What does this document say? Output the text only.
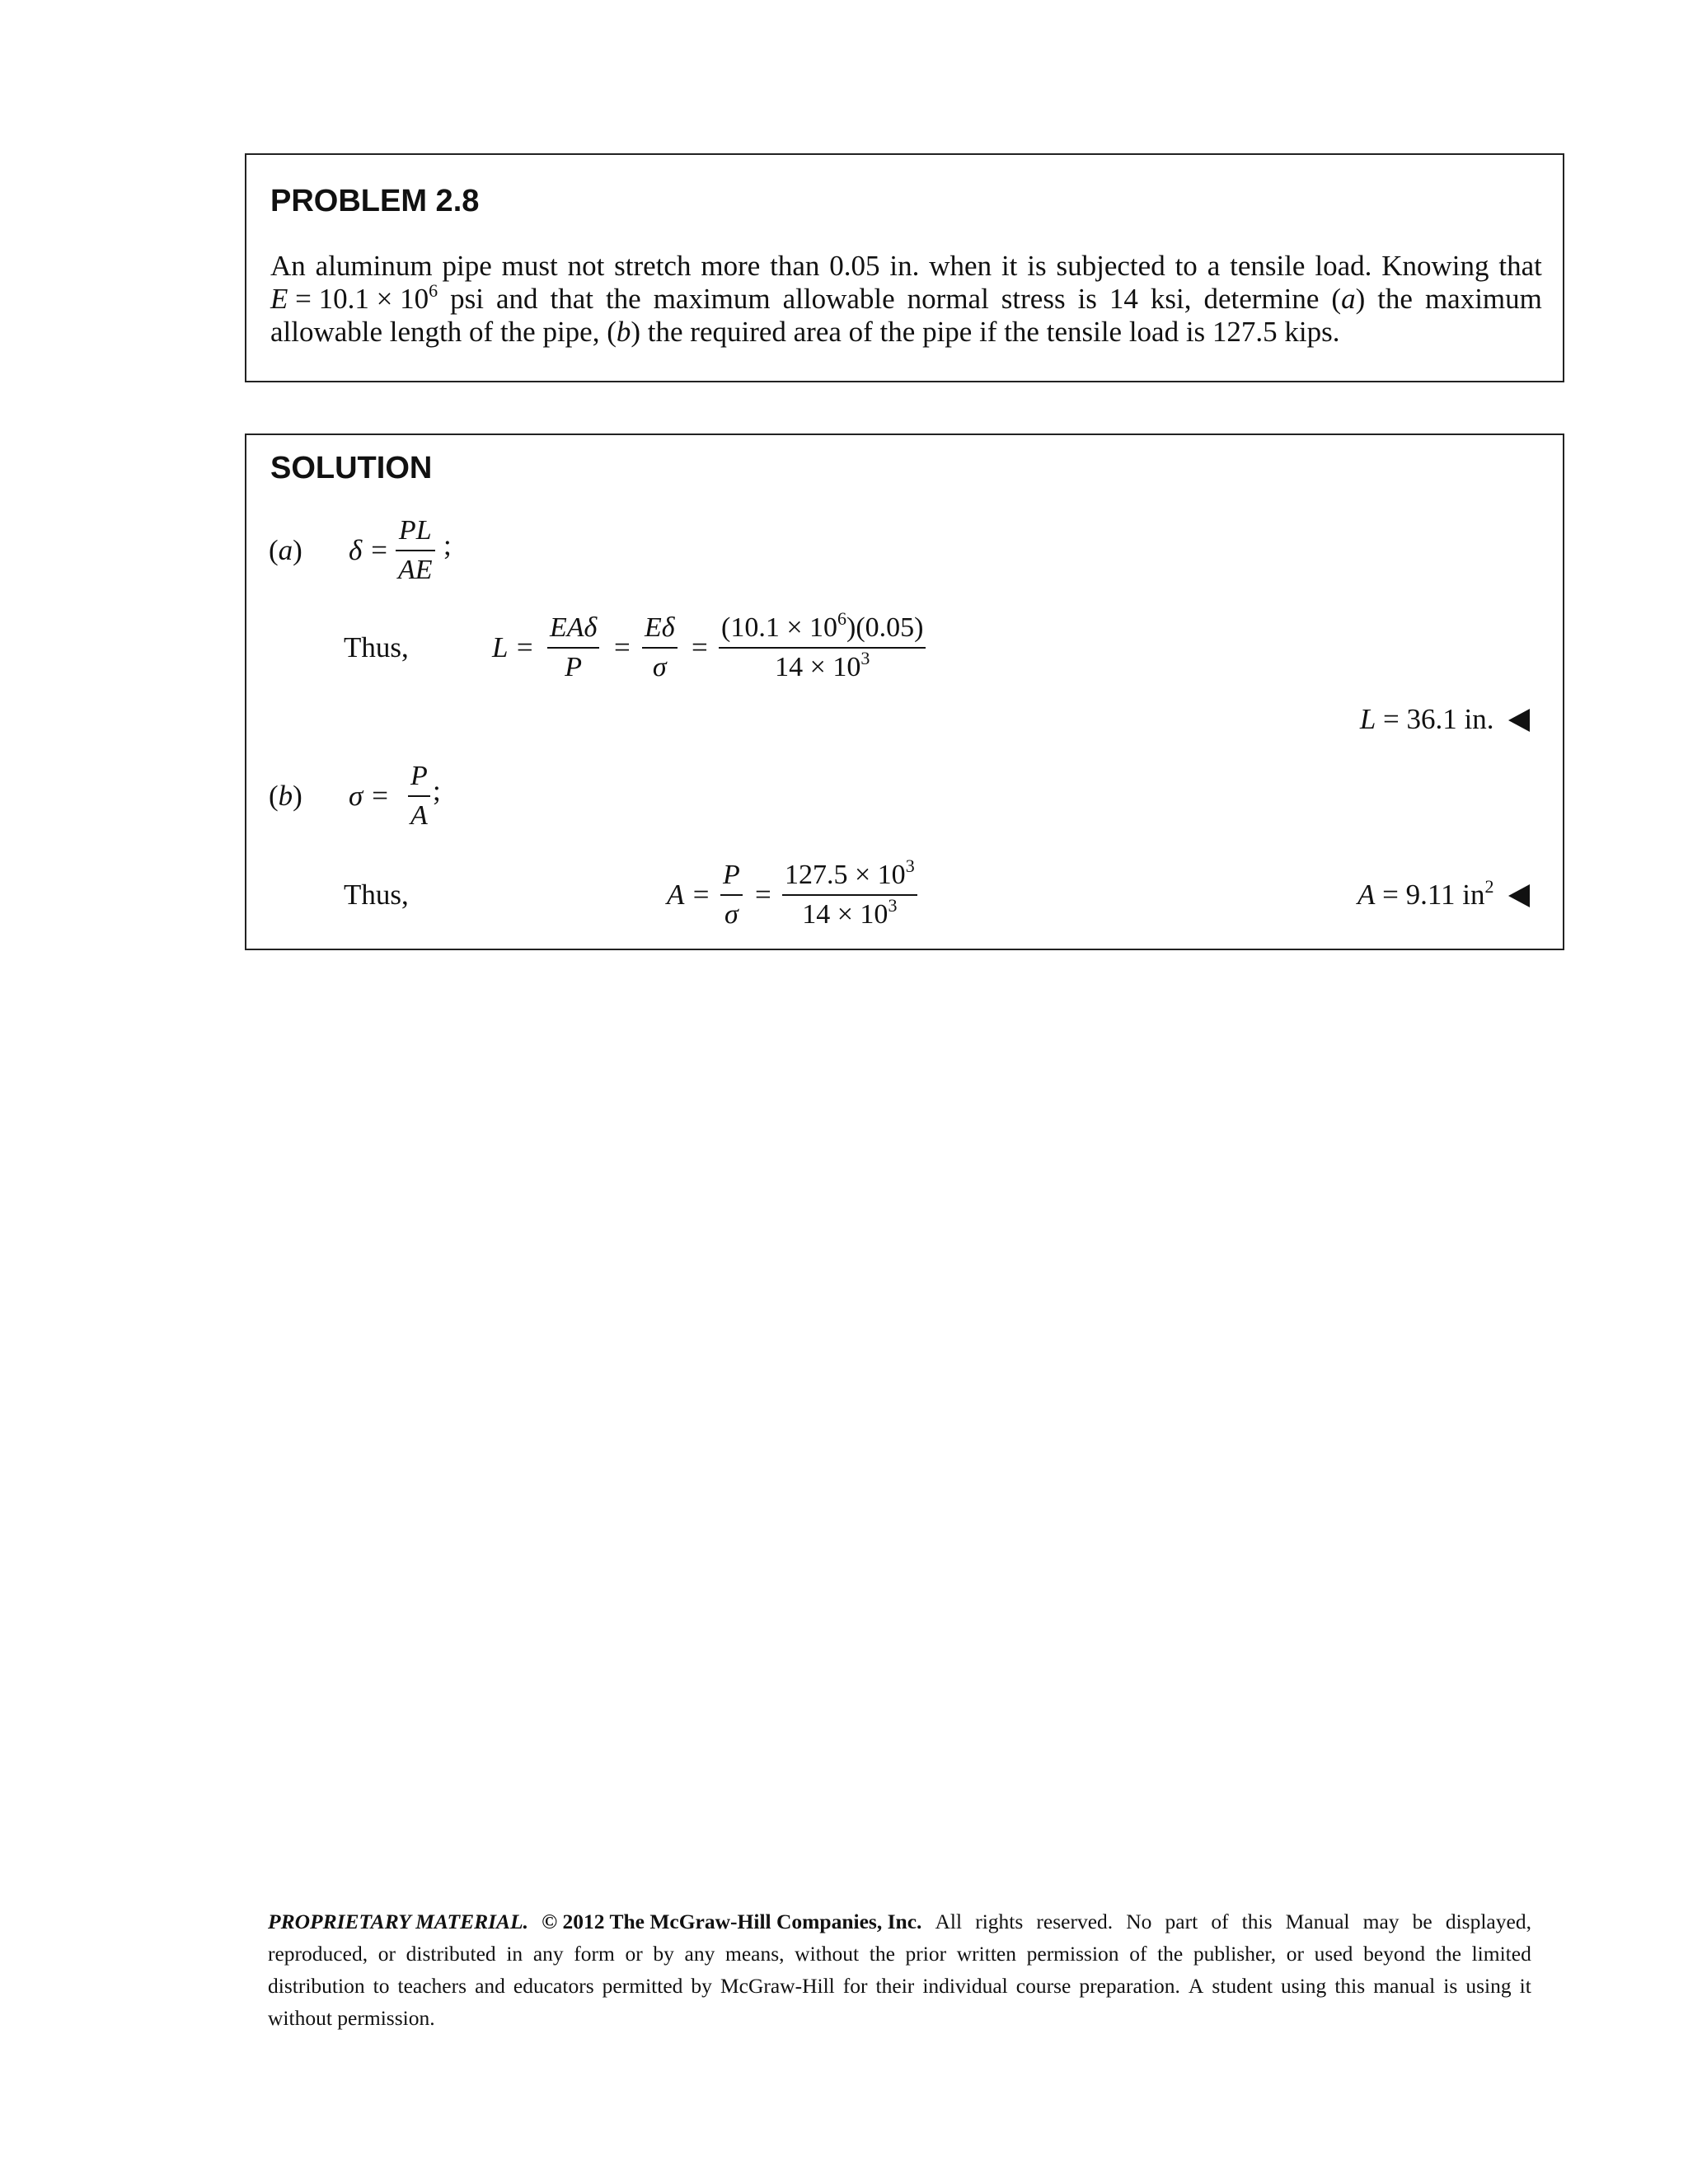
PROBLEM 2.8
An aluminum pipe must not stretch more than 0.05 in. when it is subjected to a tensile load. Knowing that
$E = 10.1 \times 10^6$ psi and that the maximum allowable normal stress is 14 ksi, determine (a) the maximum
allowable length of the pipe, (b) the required area of the pipe if the tensile load is 127.5 kips.
SOLUTION
(a) δ =
PL
AE
;
Thus,	L =
EAδ
P
=
Eδ
σ
=
$(10.1 \times 10^6)(0.05)$
$14 \times 10^3$
L = 36.1 in.
(b) σ =
P
A
;
Thus,	A =
P
σ
=
$127.5 \times 10^3$
$14 \times 10^3$	A = 9.11 $in^2$
PROPRIETARY MATERIAL. © 2012 The McGraw-Hill Companies, Inc. All rights reserved. No part of this Manual may be displayed,
reproduced, or distributed in any form or by any means, without the prior written permission of the publisher, or used beyond the limited
distribution to teachers and educators permitted by McGraw-Hill for their individual course preparation. A student using this manual is using it
without permission.
